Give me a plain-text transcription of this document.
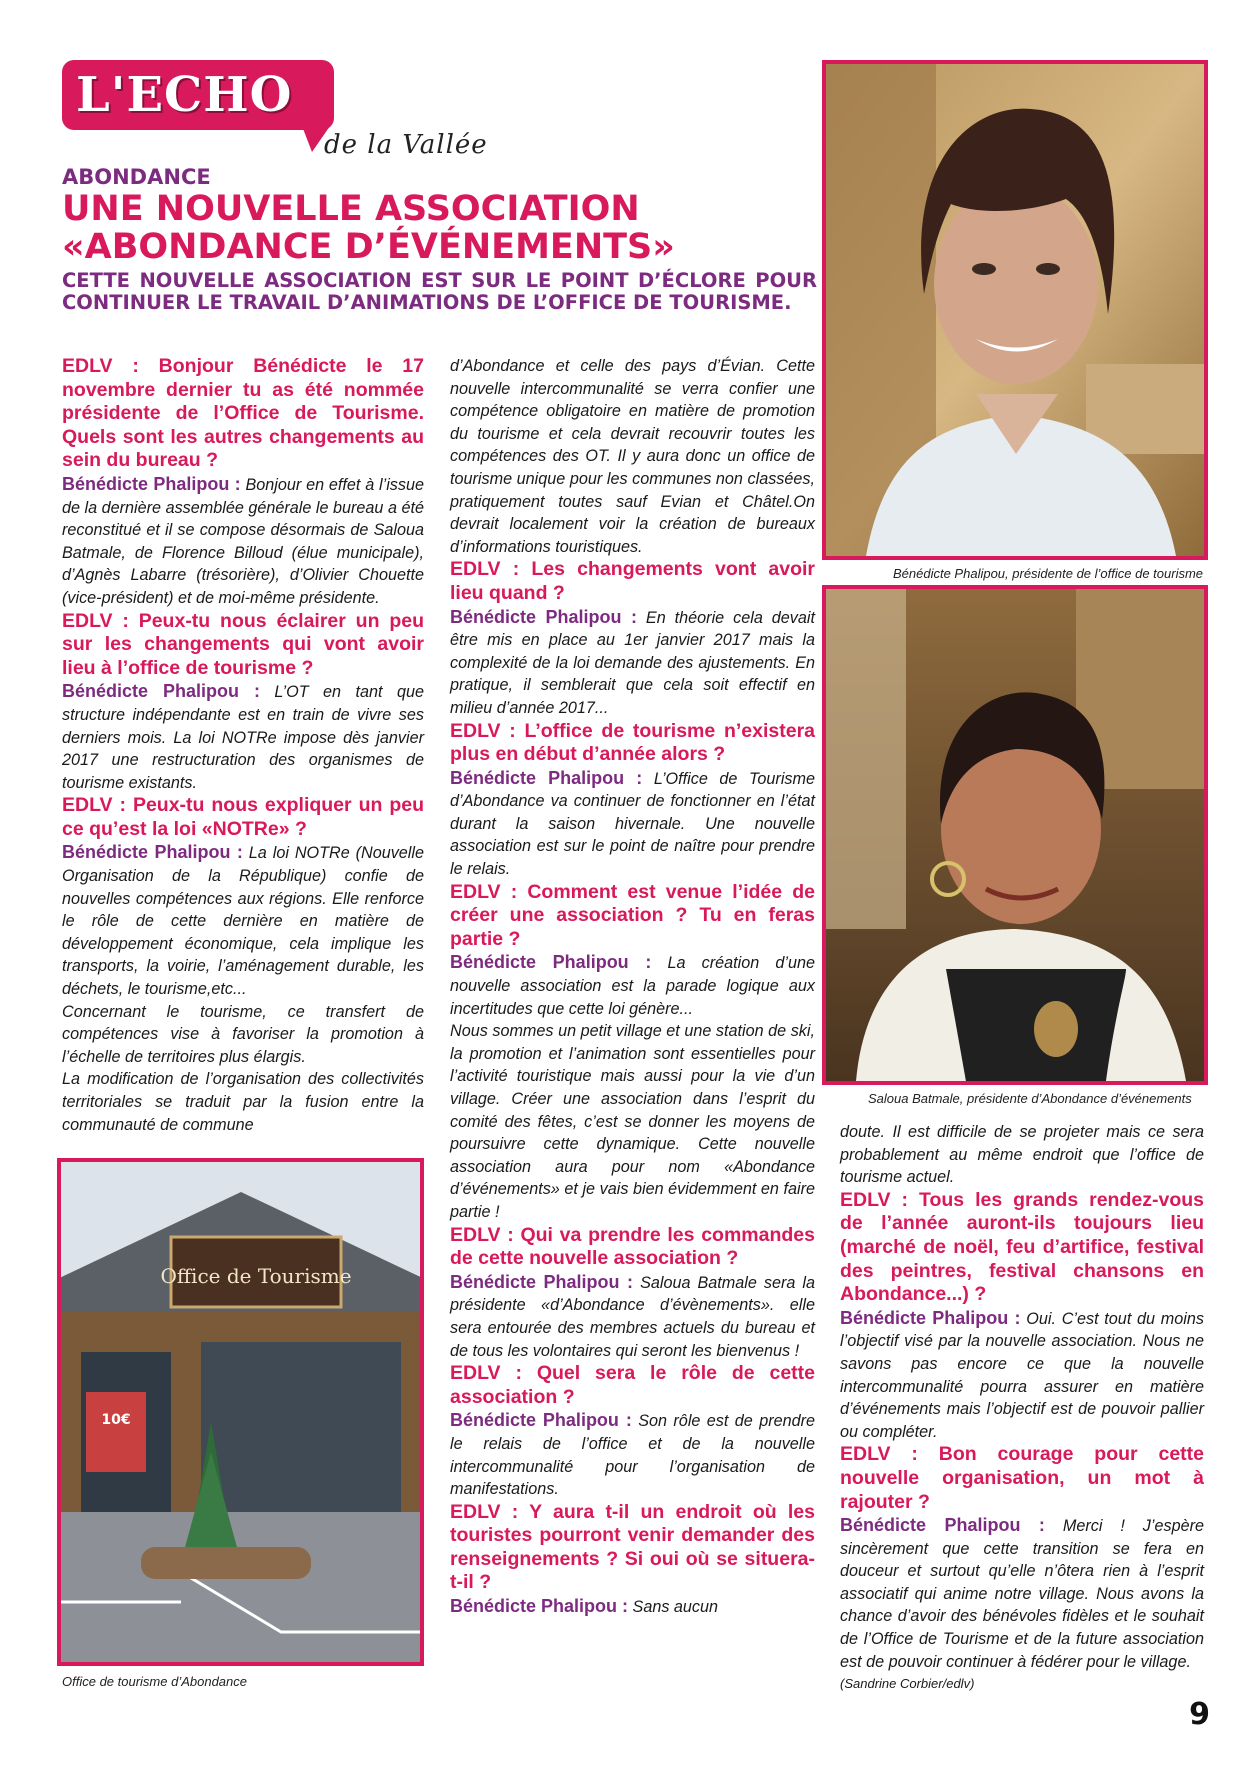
L'ECHO
de la Vallée
ABONDANCE
UNE NOUVELLE ASSOCIATION «ABONDANCE D’ÉVÉNEMENTS»
CETTE NOUVELLE ASSOCIATION EST SUR LE POINT D’ÉCLORE POUR CONTINUER LE TRAVAIL D’ANIMATIONS DE L’OFFICE DE TOURISME.
Bénédicte Phalipou, présidente de l’office de tourisme
Saloua Batmale, présidente d’Abondance d’événements
Office de Tourisme
10€
Office de tourisme d’Abondance

EDLV : Bonjour Bénédicte le 17 novembre dernier tu as été nommée présidente de l’Office de Tourisme. Quels sont les autres changements au sein du bureau ?

Bénédicte Phalipou : Bonjour en effet à l’issue de la dernière assemblée générale le bureau a été reconstitué et il se compose désormais de Saloua Batmale, de Florence Billoud (élue municipale), d’Agnès Labarre (trésorière), d’Olivier Chouette (vice-président) et de moi-même présidente.

EDLV : Peux-tu nous éclairer un peu sur les changements qui vont avoir lieu à l’office de tourisme ?

Bénédicte Phalipou : L’OT en tant que structure indépendante est en train de vivre ses derniers mois. La loi NOTRe impose dès janvier 2017 une restructuration des organismes de tourisme existants.

EDLV : Peux-tu nous expliquer un peu ce qu’est la loi «NOTRe» ?

Bénédicte Phalipou : La loi NOTRe (Nouvelle Organisation de la République) confie de nouvelles compétences aux régions. Elle renforce le rôle de cette dernière en matière de développement économique, cela implique les transports, la voirie, l’aménagement durable, les déchets, le tourisme,etc...

Concernant le tourisme, ce transfert de compétences vise à favoriser la promotion à l’échelle de territoires plus élargis.

La modification de l’organisation des collectivités territoriales se traduit par la fusion entre la communauté de commune

d’Abondance et celle des pays d’Évian. Cette nouvelle intercommunalité se verra confier une compétence obligatoire en matière de promotion du tourisme et cela devrait recouvrir toutes les compétences des OT. Il y aura donc un office de tourisme unique pour les communes non classées, pratiquement toutes sauf Evian et Châtel.On devrait localement voir la création de bureaux d’informations touristiques.

EDLV : Les changements vont avoir lieu quand ?

Bénédicte Phalipou : En théorie cela devait être mis en place au 1er janvier 2017 mais la complexité de la loi demande des ajustements. En pratique, il semblerait que cela soit effectif en milieu d’année 2017...

EDLV : L’office de tourisme n’existera plus en début d’année alors ?

Bénédicte Phalipou : L’Office de Tourisme d’Abondance va continuer de fonctionner en l’état durant la saison hivernale. Une nouvelle association est sur le point de naître pour prendre le relais.

EDLV : Comment est venue l’idée de créer une association ? Tu en feras partie ?

Bénédicte Phalipou : La création d’une nouvelle association est la parade logique aux incertitudes que cette loi génère...

Nous sommes un petit village et une station de ski, la promotion et l’animation sont essentielles pour l’activité touristique mais aussi pour la vie d’un village. Créer une association dans l’esprit du comité des fêtes, c’est se donner les moyens de poursuivre cette dynamique. Cette nouvelle association aura pour nom «Abondance d’événements» et je vais bien évidemment en faire partie !

EDLV : Qui va prendre les commandes de cette nouvelle association ?

Bénédicte Phalipou : Saloua Batmale sera la présidente «d’Abondance d’évènements». elle sera entourée des membres actuels du bureau et de tous les volontaires qui seront les bienvenus !

EDLV : Quel sera le rôle de cette association ?

Bénédicte Phalipou : Son rôle est de prendre le relais de l’office et de la nouvelle intercommunalité pour l’organisation de manifestations.

EDLV : Y aura t-il un endroit où les touristes pourront venir demander des renseignements ? Si oui où se situera-t-il ?

Bénédicte Phalipou : Sans aucun

doute. Il est difficile de se projeter mais ce sera probablement au même endroit que l’office de tourisme actuel.

EDLV : Tous les grands rendez-vous de l’année auront-ils toujours lieu (marché de noël, feu d’artifice, festival des peintres, festival chansons en Abondance...) ?

Bénédicte Phalipou : Oui. C’est tout du moins l’objectif visé par la nouvelle association. Nous ne savons pas encore ce que la nouvelle intercommunalité pourra assurer en matière d’événements mais l’objectif est de pouvoir pallier ou compléter.

EDLV : Bon courage pour cette nouvelle organisation, un mot à rajouter ?

Bénédicte Phalipou : Merci ! J’espère sincèrement que cette transition se fera en douceur et surtout qu’elle n’ôtera rien à l’esprit associatif qui anime notre village. Nous avons la chance d’avoir des bénévoles fidèles et le souhait de l’Office de Tourisme et de la future association est de pouvoir continuer à fédérer pour le village.

(Sandrine Corbier/edlv)

9
